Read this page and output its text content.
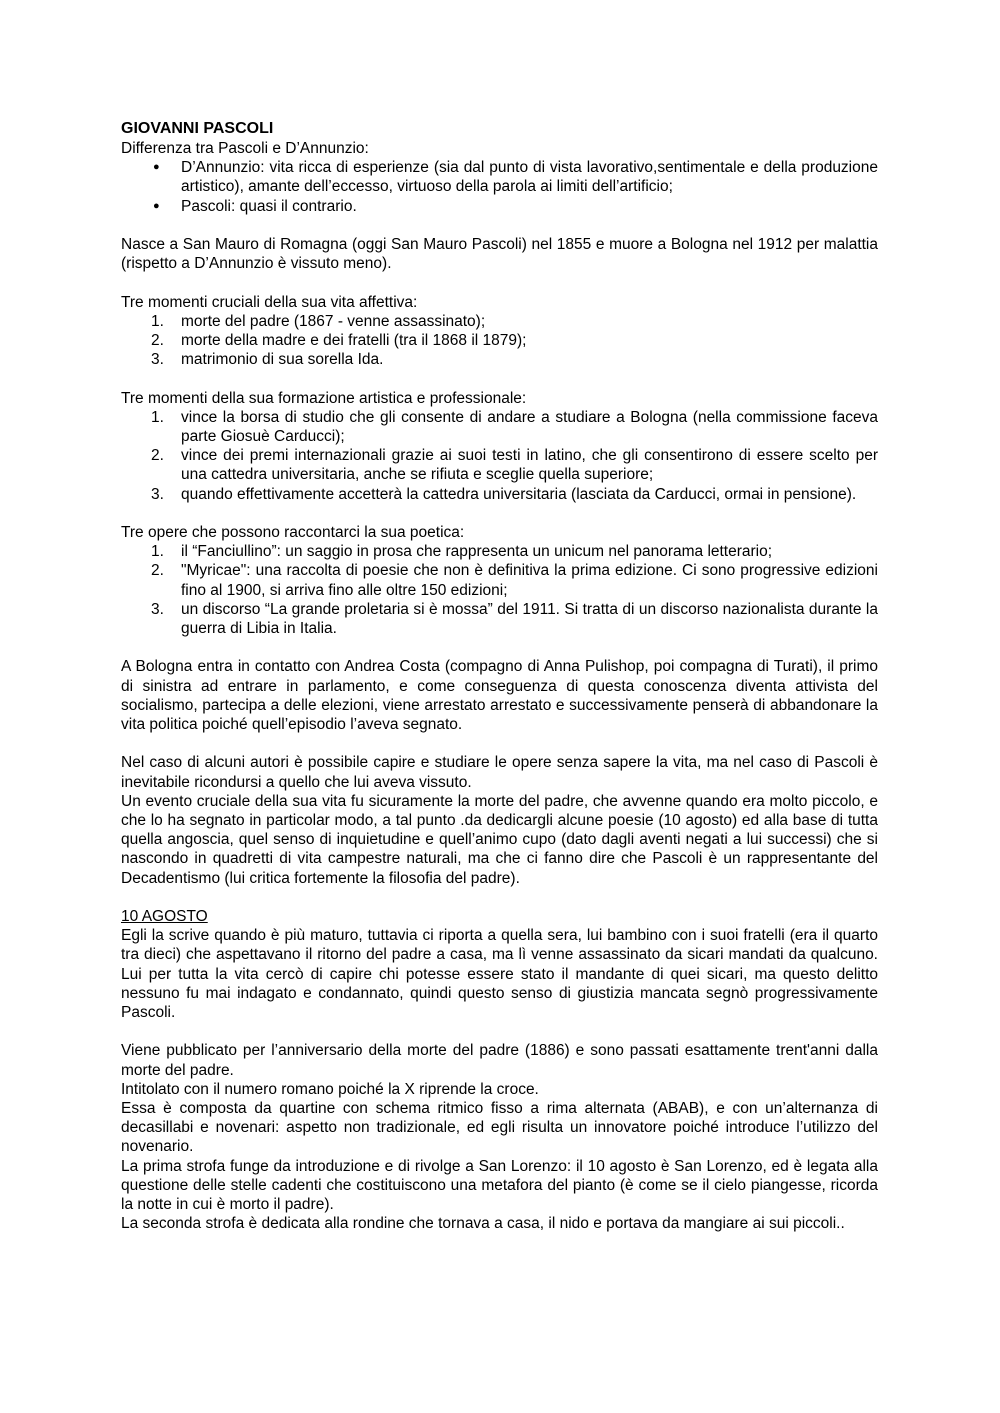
GIOVANNI PASCOLI

Differenza tra Pascoli e D’Annunzio:

● D’Annunzio: vita ricca di esperienze (sia dal punto di vista lavorativo,sentimentale e della produzione artistico), amante dell’eccesso, virtuoso della parola ai limiti dell’artificio;
● Pascoli: quasi il contrario.

Nasce a San Mauro di Romagna (oggi San Mauro Pascoli) nel 1855 e muore a Bologna nel 1912 per malattia (rispetto a D’Annunzio è vissuto meno).

Tre momenti cruciali della sua vita affettiva:

1. morte del padre (1867 - venne assassinato);
2. morte della madre e dei fratelli (tra il 1868 il 1879);
3. matrimonio di sua sorella Ida.

Tre momenti della sua formazione artistica e professionale:

1. vince la borsa di studio che gli consente di andare a studiare a Bologna (nella commissione faceva parte Giosuè Carducci);
2. vince dei premi internazionali grazie ai suoi testi in latino, che gli consentirono di essere scelto per una cattedra universitaria, anche se rifiuta e sceglie quella superiore;
3. quando effettivamente accetterà la cattedra universitaria (lasciata da Carducci, ormai in pensione).

Tre opere che possono raccontarci la sua poetica:

1. il “Fanciullino”: un saggio in prosa che rappresenta un unicum nel panorama letterario;
2. "Myricae": una raccolta di poesie che non è definitiva la prima edizione. Ci sono progressive edizioni fino al 1900, si arriva fino alle oltre 150 edizioni;
3. un discorso “La grande proletaria si è mossa” del 1911. Si tratta di un discorso nazionalista durante la guerra di Libia in Italia.

A Bologna entra in contatto con Andrea Costa (compagno di Anna Pulishop, poi compagna di Turati), il primo di sinistra ad entrare in parlamento, e come conseguenza di questa conoscenza diventa attivista del socialismo, partecipa a delle elezioni, viene arrestato arrestato e successivamente penserà di abbandonare la vita politica poiché quell’episodio l’aveva segnato.

Nel caso di alcuni autori è possibile capire e studiare le opere senza sapere la vita, ma nel caso di Pascoli è inevitabile ricondursi a quello che lui aveva vissuto.

Un evento cruciale della sua vita fu sicuramente la morte del padre, che avvenne quando era molto piccolo, e che lo ha segnato in particolar modo, a tal punto .da dedicargli alcune poesie (10 agosto) ed alla base di tutta quella angoscia, quel senso di inquietudine e quell’animo cupo (dato dagli aventi negati a lui successi) che si nascondo in quadretti di vita campestre naturali, ma che ci fanno dire che Pascoli è un rappresentante del Decadentismo (lui critica fortemente la filosofia del padre).

10 AGOSTO

Egli la scrive quando è più maturo, tuttavia ci riporta a quella sera, lui bambino con i suoi fratelli (era il quarto tra dieci) che aspettavano il ritorno del padre a casa, ma lì venne assassinato da sicari mandati da qualcuno. Lui per tutta la vita cercò di capire chi potesse essere stato il mandante di quei sicari, ma questo delitto nessuno fu mai indagato e condannato, quindi questo senso di giustizia mancata segnò progressivamente Pascoli.

Viene pubblicato per l’anniversario della morte del padre (1886) e sono passati esattamente trent'anni dalla morte del padre.

Intitolato con il numero romano poiché la X riprende la croce.

Essa è composta da quartine con schema ritmico fisso a rima alternata (ABAB), e con un’alternanza di decasillabi e novenari: aspetto non tradizionale, ed egli risulta un innovatore poiché introduce l’utilizzo del novenario.

La prima strofa funge da introduzione e di rivolge a San Lorenzo: il 10 agosto è San Lorenzo, ed è legata alla questione delle stelle cadenti che costituiscono una metafora del pianto (è come se il cielo piangesse, ricorda la notte in cui è morto il padre).

La seconda strofa è dedicata alla rondine che tornava a casa, il nido e portava da mangiare ai sui piccoli..
